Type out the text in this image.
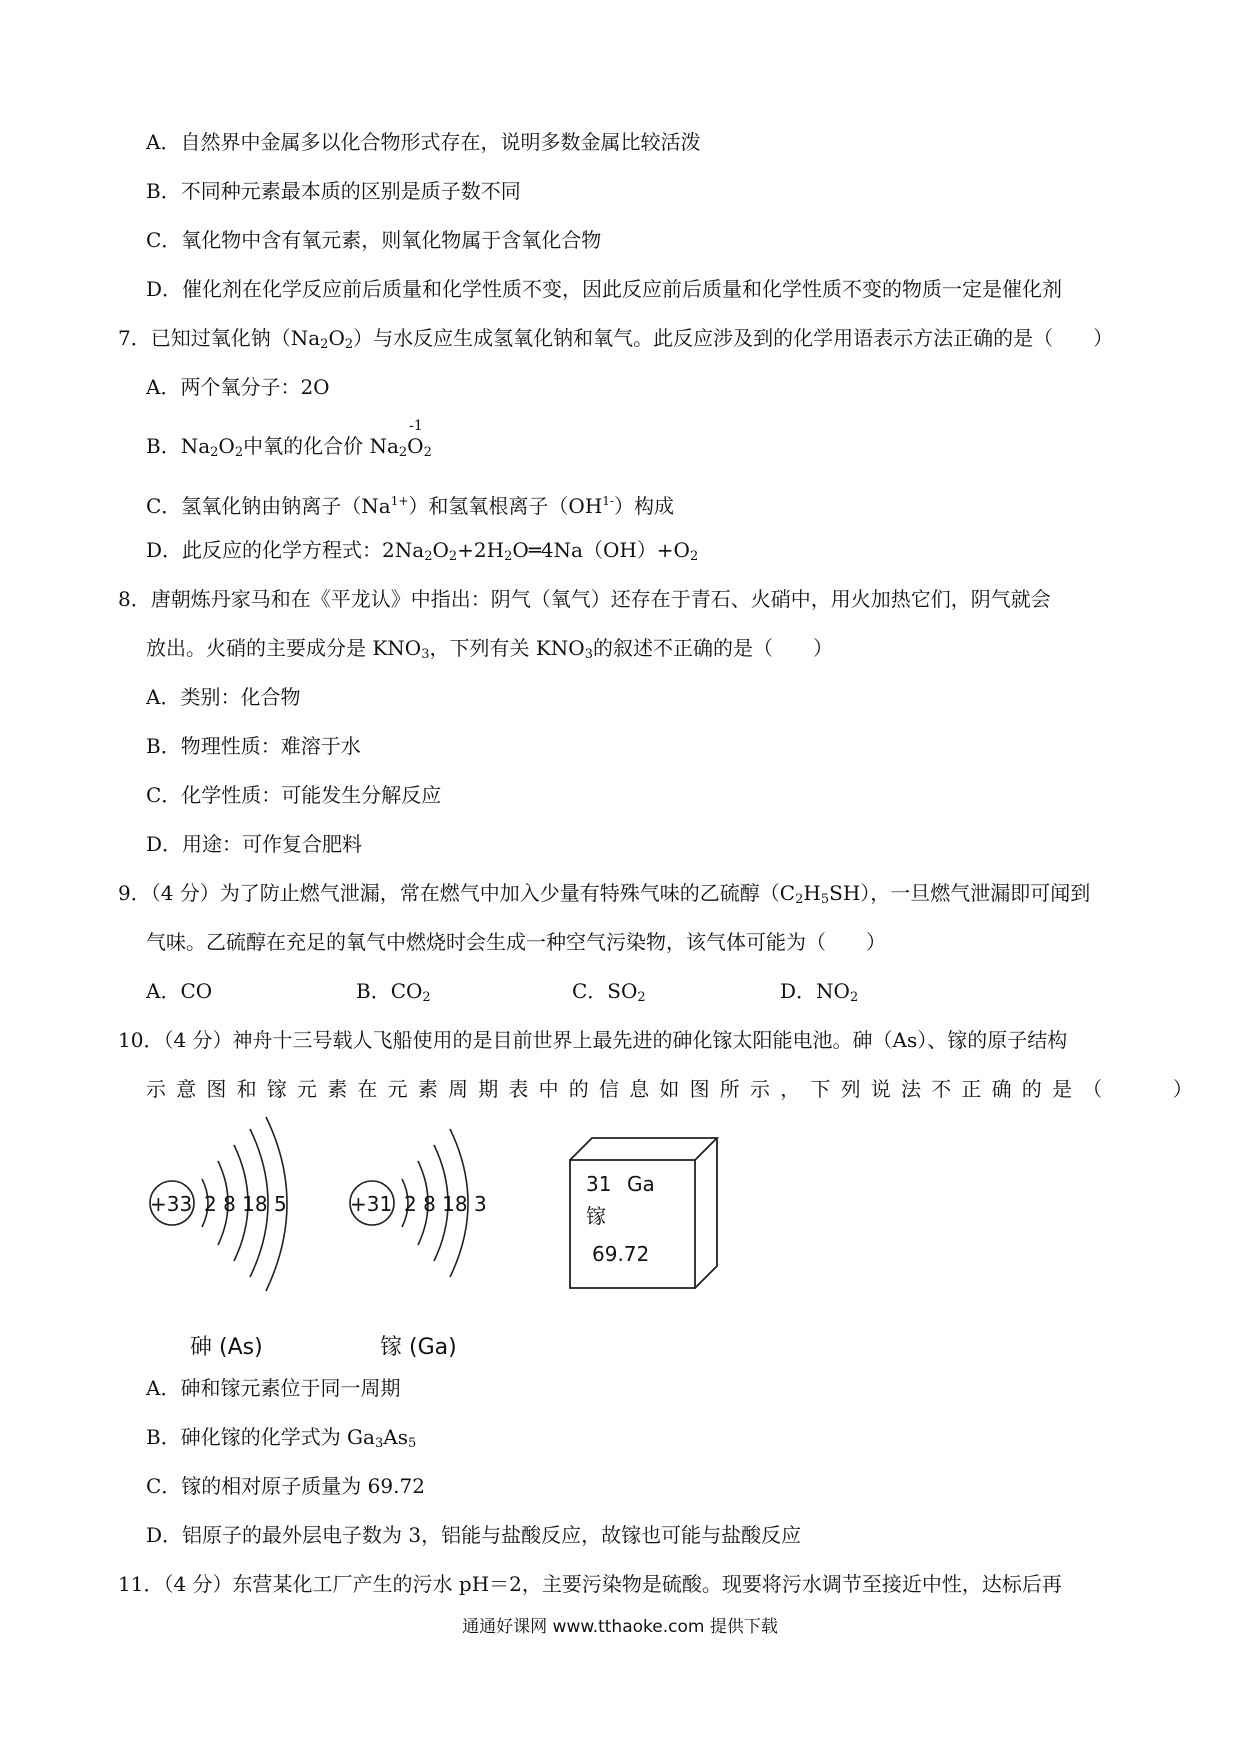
A．自然界中金属多以化合物形式存在，说明多数金属比较活泼
B．不同种元素最本质的区别是质子数不同
C．氧化物中含有氧元素，则氧化物属于含氧化合物
D．催化剂在化学反应前后质量和化学性质不变，因此反应前后质量和化学性质不变的物质一定是催化剂
7．已知过氧化钠$(Na_2O_2)$与水反应生成氢氧化钠和氧气。此反应涉及到的化学用语表示方法正确的是（　　）
A．两个氧分子：2O
B．$Na_2O_2$中氧的化合价 $Na_2$
-1
$O_2$
C．氢氧化钠由钠离子$(Na^{1+})$和氢氧根离子$(OH^{1-})$构成
D．此反应的化学方程式：$2Na_2O_2+2H_2O═4Na(OH)+O_2$
8．唐朝炼丹家马和在《平龙认》中指出：阴气（氧气）还存在于青石、火硝中，用火加热它们，阴气就会
放出。火硝的主要成分是 $KNO_3$，下列有关 $KNO_3$的叙述不正确的是（　　）
A．类别：化合物
B．物理性质：难溶于水
C．化学性质：可能发生分解反应
D．用途：可作复合肥料
9．（4 分）为了防止燃气泄漏，常在燃气中加入少量有特殊气味的乙硫醇$(C_2H_5SH)$，一旦燃气泄漏即可闻到
气味。乙硫醇在充足的氧气中燃烧时会生成一种空气污染物，该气体可能为（　　）
A．CO	B．$CO_2$	C．$SO_2$	D．$NO_2$
10．（4 分）神舟十三号载人飞船使用的是目前世界上最先进的砷化镓太阳能电池。砷（As）、镓的原子结构
示意图和镓元素在元素周期表中的信息如图所示，下列说法不正确的是（　　）
+33 2 8 18 5	+31 2 8 18 3
31 Ga
镓
69.72
砷 (As)	镓 (Ga)
A．砷和镓元素位于同一周期
B．砷化镓的化学式为 $Ga_3As_5$
C．镓的相对原子质量为 69.72
D．铝原子的最外层电子数为 3，铝能与盐酸反应，故镓也可能与盐酸反应
11．（4 分）东营某化工厂产生的污水 pH＝2，主要污染物是硫酸。现要将污水调节至接近中性，达标后再
通通好课网 www.tthaoke.com 提供下载
